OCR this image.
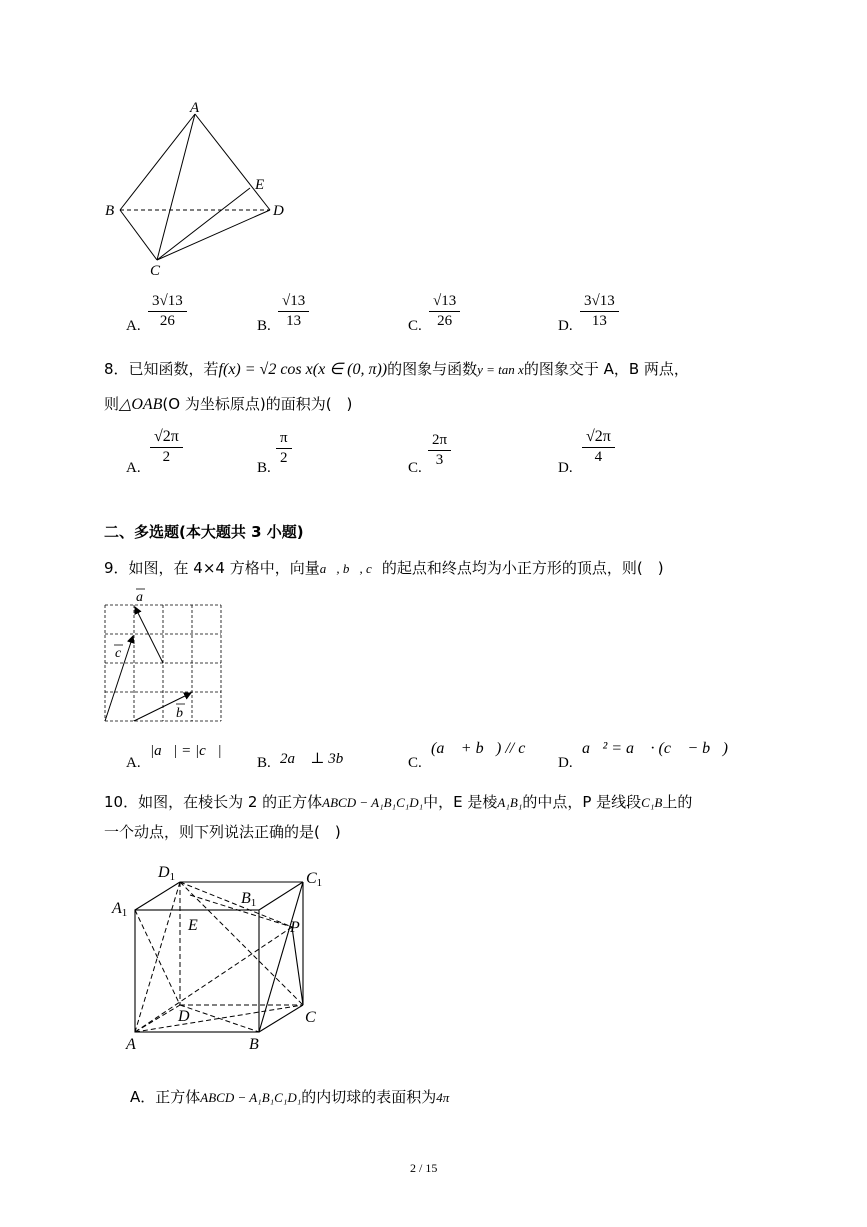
A
B
C
D
E
A. $\frac{3√13}{26}$	B. $\frac{√13}{13}$	C. $\frac{√13}{26}$	D. $\frac{3√13}{13}$
8．已知函数，若f(x) = √2 cos x(x ∈ (0, π))的图象与函数y = tan x的图象交于 A，B 两点，
则△OAB(O 为坐标原点)的面积为(　)
A.
$\frac{√2\pi}{2}$
B.
$\frac{\pi}{2}$
C. $\frac{2\pi}{3}$	D.
$\frac{√2\pi}{4}$
二、多选题(本大题共 3 小题)
9．如图，在 4×4 方格中，向量a⃗, b⃗, c⃗的起点和终点均为小正方形的顶点，则(　)
a
b
c
A.
|a⃗| = |c⃗|
B. 2a⃗ ⊥ 3b⃗	C.
(a⃗ + b⃗) // c⃗
D.
a⃗² = a⃗ · (c⃗ − b⃗)
10．如图，在棱长为 2 的正方体ABCD − A₁B₁C₁D₁中，E 是棱A₁B₁的中点，P 是线段C₁B上的
一个动点，则下列说法正确的是(　)
D1	C1
A1
B1
E	P
D	C
A	B
A．正方体ABCD − A₁B₁C₁D₁的内切球的表面积为4π
2 / 15
